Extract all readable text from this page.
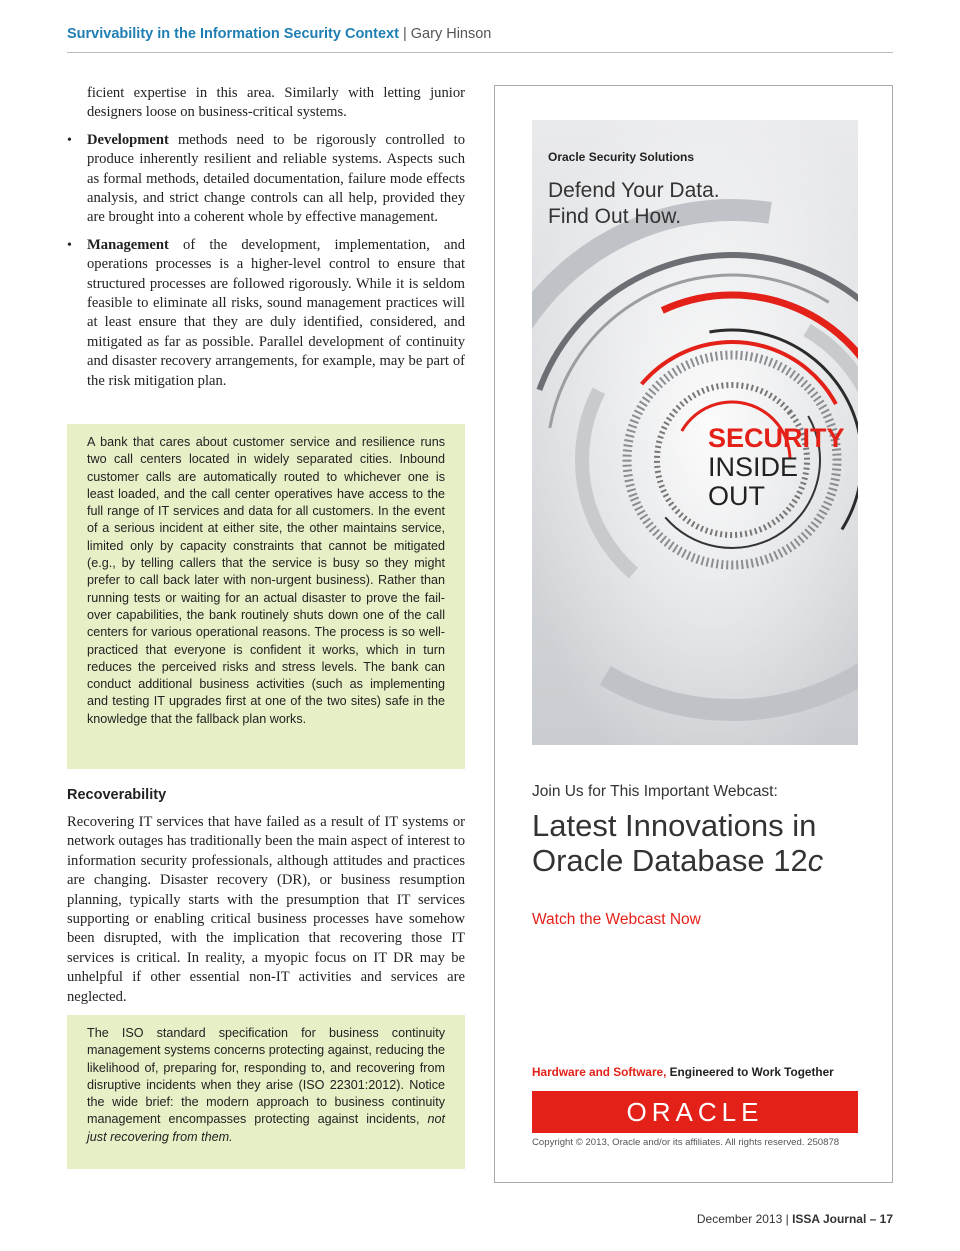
Survivability in the Information Security Context | Gary Hinson

ficient expertise in this area. Similarly with letting junior designers loose on business-critical systems.

• Development methods need to be rigorously controlled to produce inherently resilient and reliable systems. Aspects such as formal methods, detailed documentation, failure mode effects analysis, and strict change controls can all help, provided they are brought into a coherent whole by effective management.

• Management of the development, implementation, and operations processes is a higher-level control to ensure that structured processes are followed rigorously. While it is seldom feasible to eliminate all risks, sound management practices will at least ensure that they are duly identified, considered, and mitigated as far as possible. Parallel development of continuity and disaster recovery arrangements, for example, may be part of the risk mitigation plan.

A bank that cares about customer service and resilience runs two call centers located in widely separated cities. Inbound customer calls are automatically routed to whichever one is least loaded, and the call center operatives have access to the full range of IT services and data for all customers. In the event of a serious incident at either site, the other maintains service, limited only by capacity constraints that cannot be mitigated (e.g., by telling callers that the service is busy so they might prefer to call back later with non-urgent business). Rather than running tests or waiting for an actual disaster to prove the fail-over capabilities, the bank routinely shuts down one of the call centers for various operational reasons. The process is so well-practiced that everyone is confident it works, which in turn reduces the perceived risks and stress levels. The bank can conduct additional business activities (such as implementing and testing IT upgrades first at one of the two sites) safe in the knowledge that the fallback plan works.
Recoverability

Recovering IT services that have failed as a result of IT systems or network outages has traditionally been the main aspect of interest to information security professionals, although attitudes and practices are changing. Disaster recovery (DR), or business resumption planning, typically starts with the presumption that IT services supporting or enabling critical business processes have somehow been disrupted, with the implication that recovering those IT services is critical. In reality, a myopic focus on IT DR may be unhelpful if other essential non-IT activities and services are neglected.

The ISO standard specification for business continuity management systems concerns protecting against, reducing the likelihood of, preparing for, responding to, and recovering from disruptive incidents when they arise (ISO 22301:2012). Notice the wide brief: the modern approach to business continuity management encompasses protecting against incidents, not just recovering from them.
Oracle Security Solutions
Defend Your Data.
Find Out How.
SECURITY
INSIDE
OUT
Join Us for This Important Webcast:
Latest Innovations in
Oracle Database 12c
Watch the Webcast Now
Hardware and Software, Engineered to Work Together
ORACLE
Copyright © 2013, Oracle and/or its affiliates. All rights reserved. 250878
December 2013 | ISSA Journal – 17
